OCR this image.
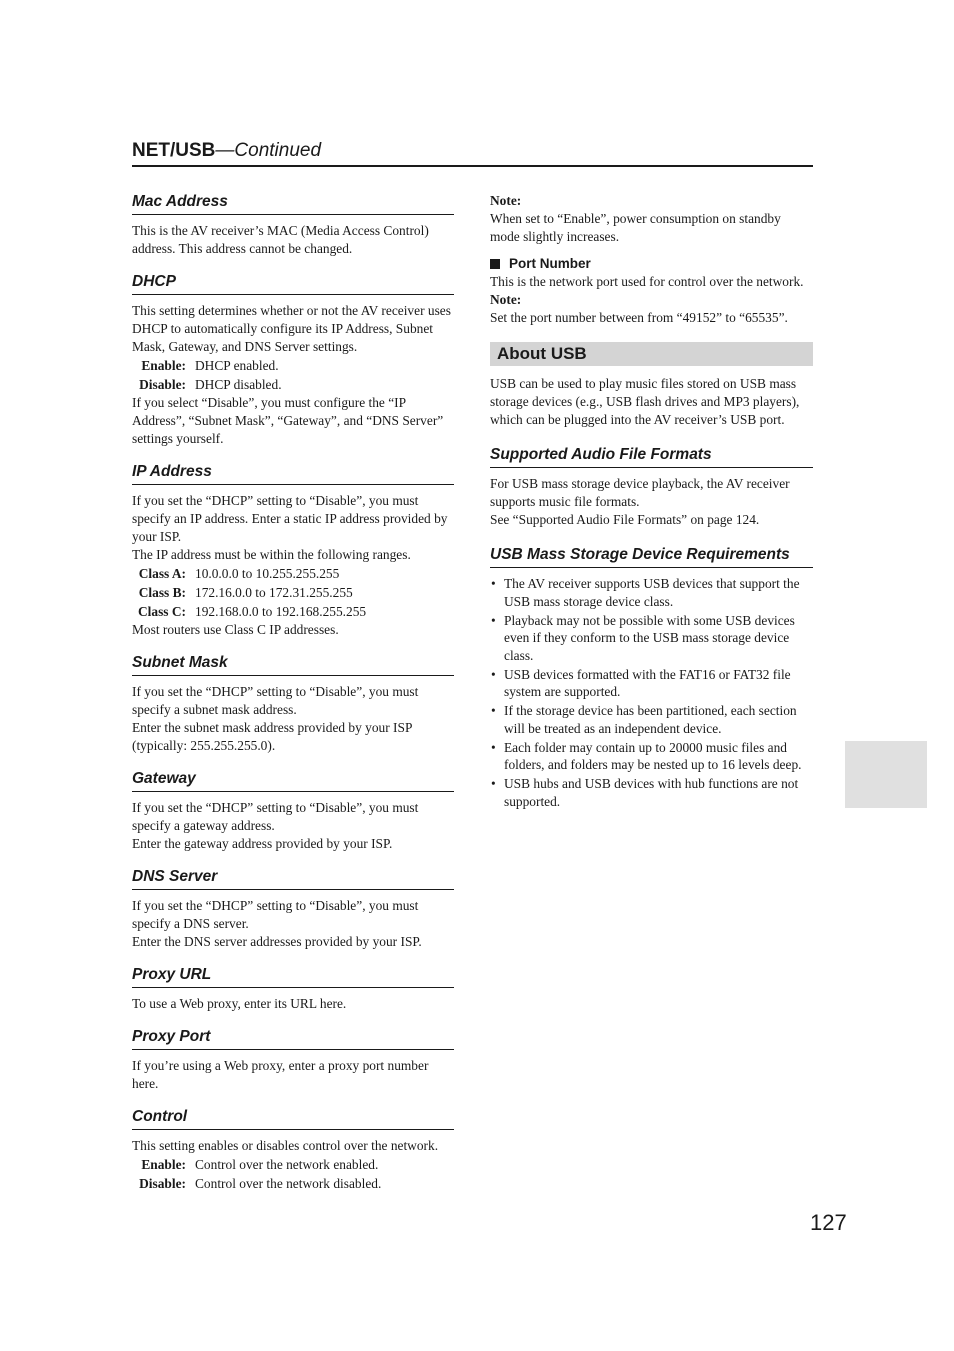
NET/USB—Continued
Mac Address

This is the AV receiver’s MAC (Media Access Control) address. This address cannot be changed.

DHCP

This setting determines whether or not the AV receiver uses DHCP to automatically configure its IP Address, Subnet Mask, Gateway, and DNS Server settings.

Enable: DHCP enabled.
Disable: DHCP disabled.

If you select “Disable”, you must configure the “IP Address”, “Subnet Mask”, “Gateway”, and “DNS Server” settings yourself.

IP Address

If you set the “DHCP” setting to “Disable”, you must specify an IP address. Enter a static IP address provided by your ISP.

The IP address must be within the following ranges.

Class A: 10.0.0.0 to 10.255.255.255
Class B: 172.16.0.0 to 172.31.255.255
Class C: 192.168.0.0 to 192.168.255.255

Most routers use Class C IP addresses.

Subnet Mask

If you set the “DHCP” setting to “Disable”, you must specify a subnet mask address.

Enter the subnet mask address provided by your ISP (typically: 255.255.255.0).

Gateway

If you set the “DHCP” setting to “Disable”, you must specify a gateway address.

Enter the gateway address provided by your ISP.

DNS Server

If you set the “DHCP” setting to “Disable”, you must specify a DNS server.

Enter the DNS server addresses provided by your ISP.

Proxy URL

To use a Web proxy, enter its URL here.

Proxy Port

If you’re using a Web proxy, enter a proxy port number here.

Control

This setting enables or disables control over the network.

Enable: Control over the network enabled.
Disable: Control over the network disabled.
Note:

When set to “Enable”, power consumption on standby mode slightly increases.

Port Number

This is the network port used for control over the network.

Note:

Set the port number between from “49152” to “65535”.

About USB

USB can be used to play music files stored on USB mass storage devices (e.g., USB flash drives and MP3 players), which can be plugged into the AV receiver’s USB port.

Supported Audio File Formats

For USB mass storage device playback, the AV receiver supports music file formats.

See “Supported Audio File Formats” on page 124.

USB Mass Storage Device Requirements
• The AV receiver supports USB devices that support the USB mass storage device class.
• Playback may not be possible with some USB devices even if they conform to the USB mass storage device class.
• USB devices formatted with the FAT16 or FAT32 file system are supported.
• If the storage device has been partitioned, each section will be treated as an independent device.
• Each folder may contain up to 20000 music files and folders, and folders may be nested up to 16 levels deep.
• USB hubs and USB devices with hub functions are not supported.
127
